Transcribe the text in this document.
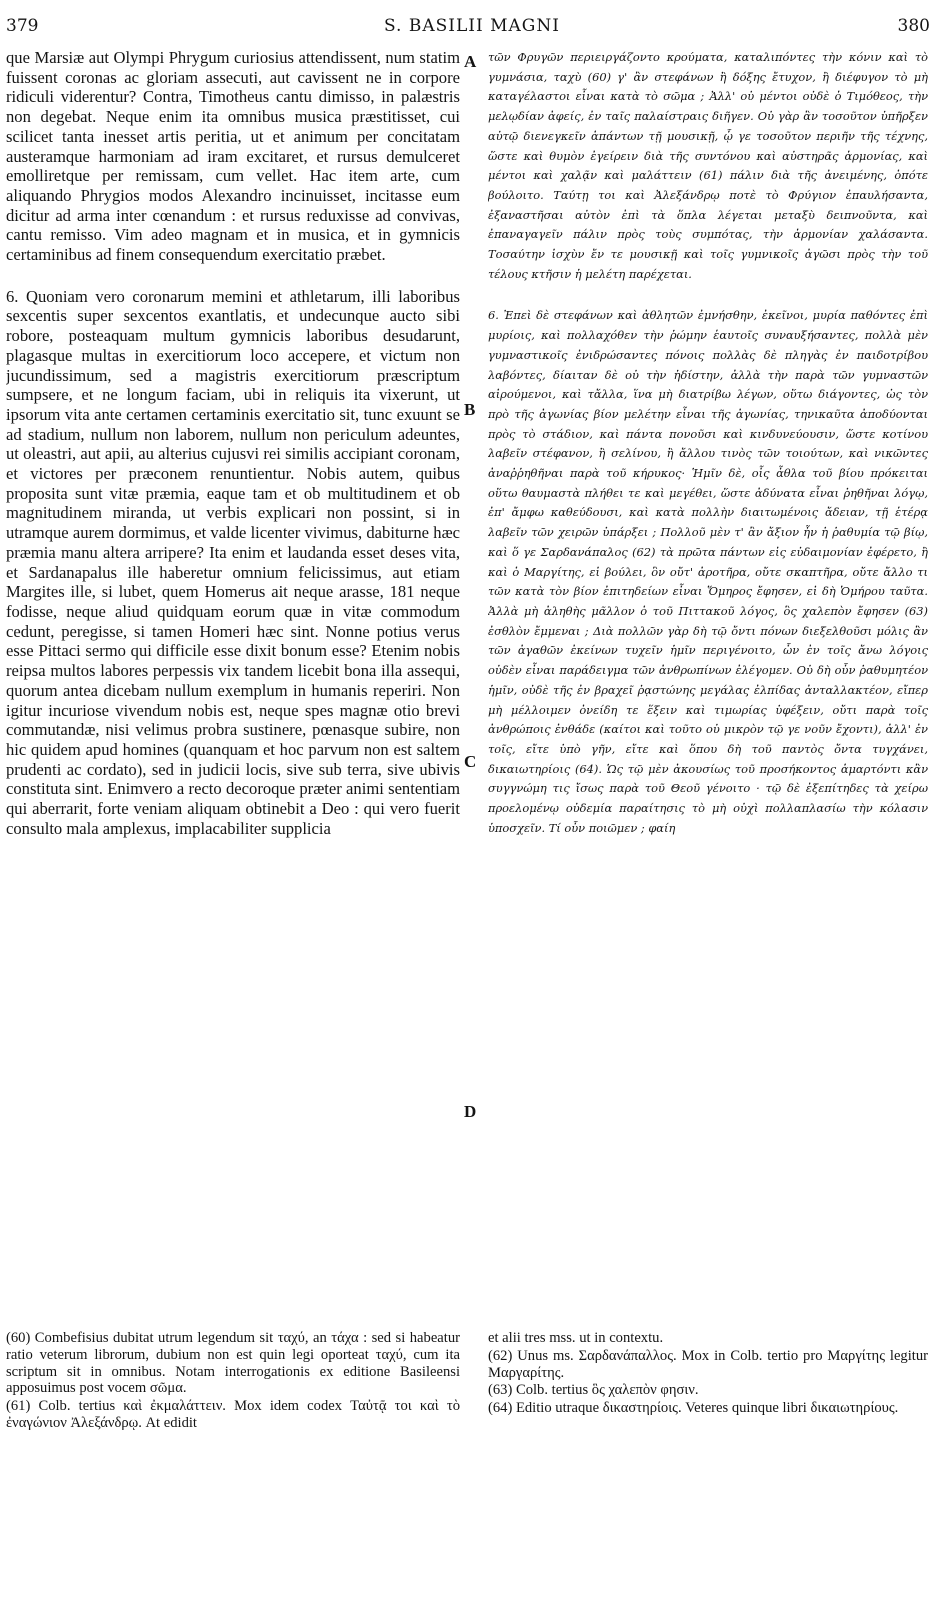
379	S. BASILII MAGNI	380

que Marsiæ aut Olympi Phrygum curiosius attendissent, num statim fuissent coronas ac gloriam assecuti, aut cavissent ne in corpore ridiculi viderentur? Contra, Timotheus cantu dimisso, in palæstris non degebat. Neque enim ita omnibus musica præstitisset, cui scilicet tanta inesset artis peritia, ut et animum per concitatam austeramque harmoniam ad iram excitaret, et rursus demulceret emolliretque per remissam, cum vellet. Hac item arte, cum aliquando Phrygios modos Alexandro incinuisset, incitasse eum dicitur ad arma inter cœnandum : et rursus reduxisse ad convivas, cantu remisso. Vim adeo magnam et in musica, et in gymnicis certaminibus ad finem consequendum exercitatio præbet.

6. Quoniam vero coronarum memini et athletarum, illi laboribus sexcentis super sexcentos exantlatis, et undecunque aucto sibi robore, posteaquam multum gymnicis laboribus desudarunt, plagasque multas in exercitiorum loco accepere, et victum non jucundissimum, sed a magistris exercitiorum præscriptum sumpsere, et ne longum faciam, ubi in reliquis ita vixerunt, ut ipsorum vita ante certamen certaminis exercitatio sit, tunc exuunt se ad stadium, nullum non laborem, nullum non periculum adeuntes, ut oleastri, aut apii, au alterius cujusvi rei similis accipiant coronam, et victores per præconem renuntientur. Nobis autem, quibus proposita sunt vitæ præmia, eaque tam et ob multitudinem et ob magnitudinem miranda, ut verbis explicari non possint, si in utramque aurem dormimus, et valde licenter vivimus, dabiturne hæc præmia manu altera arripere? Ita enim et laudanda esset deses vita, et Sardanapalus ille haberetur omnium felicissimus, aut etiam Margites ille, si lubet, quem Homerus ait neque arasse, 181 neque fodisse, neque aliud quidquam eorum quæ in vitæ commodum cedunt, peregisse, si tamen Homeri hæc sint. Nonne potius verus esse Pittaci sermo qui difficile esse dixit bonum esse? Etenim nobis reipsa multos labores perpessis vix tandem licebit bona illa assequi, quorum antea dicebam nullum exemplum in humanis reperiri. Non igitur incuriose vivendum nobis est, neque spes magnæ otio brevi commutandæ, nisi velimus probra sustinere, pœnasque subire, non hic quidem apud homines (quanquam et hoc parvum non est saltem prudenti ac cordato), sed in judicii locis, sive sub terra, sive ubivis constituta sint. Enimvero a recto decoroque præter animi sententiam qui aberrarit, forte veniam aliquam obtinebit a Deo : qui vero fuerit consulto mala amplexus, implacabiliter supplicia

τῶν Φρυγῶν περιειργάζοντο κρούματα, καταλιπόντες τὴν κόνιν καὶ τὸ γυμνάσια, ταχὺ (60) γ' ἂν στεφάνων ἢ δόξης ἔτυχον, ἢ διέφυγον τὸ μὴ καταγέλαστοι εἶναι κατὰ τὸ σῶμα ; Ἀλλ' οὐ μέντοι οὐδὲ ὁ Τιμόθεος, τὴν μελῳδίαν ἀφείς, ἐν ταῖς παλαίστραις διῆγεν. Οὐ γὰρ ἂν τοσοῦτον ὑπῆρξεν αὐτῷ διενεγκεῖν ἁπάντων τῇ μουσικῇ, ᾧ γε τοσοῦτον περιῆν τῆς τέχνης, ὥστε καὶ θυμὸν ἐγείρειν διὰ τῆς συντόνου καὶ αὐστηρᾶς ἁρμονίας, καὶ μέντοι καὶ χαλᾷν καὶ μαλάττειν (61) πάλιν διὰ τῆς ἀνειμένης, ὁπότε βούλοιτο. Ταύτῃ τοι καὶ Ἀλεξάνδρῳ ποτὲ τὸ Φρύγιον ἐπαυλήσαντα, ἐξαναστῆσαι αὐτὸν ἐπὶ τὰ ὅπλα λέγεται μεταξὺ δειπνοῦντα, καὶ ἐπαναγαγεῖν πάλιν πρὸς τοὺς συμπότας, τὴν ἁρμονίαν χαλάσαντα. Τοσαύτην ἰσχὺν ἔν τε μουσικῇ καὶ τοῖς γυμνικοῖς ἀγῶσι πρὸς τὴν τοῦ τέλους κτῆσιν ἡ μελέτη παρέχεται.

6. Ἐπεὶ δὲ στεφάνων καὶ ἀθλητῶν ἐμνήσθην, ἐκεῖνοι, μυρία παθόντες ἐπὶ μυρίοις, καὶ πολλαχόθεν τὴν ῥώμην ἑαυτοῖς συναυξήσαντες, πολλὰ μὲν γυμναστικοῖς ἐνιδρώσαντες πόνοις πολλὰς δὲ πληγὰς ἐν παιδοτρίβου λαβόντες, δίαιταν δὲ οὐ τὴν ἡδίστην, ἀλλὰ τὴν παρὰ τῶν γυμναστῶν αἱρούμενοι, καὶ τἄλλα, ἵνα μὴ διατρίβω λέγων, οὕτω διάγοντες, ὡς τὸν πρὸ τῆς ἀγωνίας βίον μελέτην εἶναι τῆς ἀγωνίας, τηνικαῦτα ἀποδύονται πρὸς τὸ στάδιον, καὶ πάντα πονοῦσι καὶ κινδυνεύουσιν, ὥστε κοτίνου λαβεῖν στέφανον, ἢ σελίνου, ἢ ἄλλου τινὸς τῶν τοιούτων, καὶ νικῶντες ἀναῤῥηθῆναι παρὰ τοῦ κήρυκος· Ἡμῖν δὲ, οἷς ἆθλα τοῦ βίου πρόκειται οὕτω θαυμαστὰ πλήθει τε καὶ μεγέθει, ὥστε ἀδύνατα εἶναι ῥηθῆναι λόγῳ, ἐπ' ἄμφω καθεύδουσι, καὶ κατὰ πολλὴν διαιτωμένοις ἄδειαν, τῇ ἑτέρᾳ λαβεῖν τῶν χειρῶν ὑπάρξει ; Πολλοῦ μὲν τ' ἂν ἄξιον ἦν ἡ ῥαθυμία τῷ βίῳ, καὶ ὅ γε Σαρδανάπαλος (62) τὰ πρῶτα πάντων εἰς εὐδαιμονίαν ἐφέρετο, ἢ καὶ ὁ Μαργίτης, εἰ βούλει, ὃν οὔτ' ἀροτῆρα, οὔτε σκαπτῆρα, οὔτε ἄλλο τι τῶν κατὰ τὸν βίον ἐπιτηδείων εἶναι Ὅμηρος ἔφησεν, εἰ δὴ Ὁμήρου ταῦτα. Ἀλλὰ μὴ ἀληθὴς μᾶλλον ὁ τοῦ Πιττακοῦ λόγος, ὃς χαλεπὸν ἔφησεν (63) ἐσθλὸν ἔμμεναι ; Διὰ πολλῶν γὰρ δὴ τῷ ὄντι πόνων διεξελθοῦσι μόλις ἂν τῶν ἀγαθῶν ἐκείνων τυχεῖν ἡμῖν περιγένοιτο, ὧν ἐν τοῖς ἄνω λόγοις οὐδὲν εἶναι παράδειγμα τῶν ἀνθρωπίνων ἐλέγομεν. Οὐ δὴ οὖν ῥαθυμητέον ἡμῖν, οὐδὲ τῆς ἐν βραχεῖ ῥᾳστώνης μεγάλας ἐλπίδας ἀνταλλακτέον, εἴπερ μὴ μέλλοιμεν ὀνείδη τε ἕξειν καὶ τιμωρίας ὑφέξειν, οὔτι παρὰ τοῖς ἀνθρώποις ἐνθάδε (καίτοι καὶ τοῦτο οὐ μικρὸν τῷ γε νοῦν ἔχοντι), ἀλλ' ἐν τοῖς, εἴτε ὑπὸ γῆν, εἴτε καὶ ὅπου δὴ τοῦ παντὸς ὄντα τυγχάνει, δικαιωτηρίοις (64). Ὡς τῷ μὲν ἀκουσίως τοῦ προσήκοντος ἁμαρτόντι κἂν συγγνώμη τις ἴσως παρὰ τοῦ Θεοῦ γένοιτο · τῷ δὲ ἐξεπίτηδες τὰ χείρω προελομένῳ οὐδεμία παραίτησις τὸ μὴ οὐχὶ πολλαπλασίω τὴν κόλασιν ὑποσχεῖν. Τί οὖν ποιῶμεν ; φαίη

A
B
C
D

(60) Combefisius dubitat utrum legendum sit ταχύ, an τάχα : sed si habeatur ratio veterum librorum, dubium non est quin legi oporteat ταχύ, cum ita scriptum sit in omnibus. Notam interrogationis ex editione Basileensi apposuimus post vocem σῶμα.

(61) Colb. tertius καὶ ἐκμαλάττειν. Mox idem codex Ταὐτᾷ τοι καὶ τὸ ἐναγώνιον Ἀλεξάνδρῳ. At edidit

et alii tres mss. ut in contextu.

(62) Unus ms. Σαρδανάπαλλος. Mox in Colb. tertio pro Μαργίτης legitur Μαργαρίτης.

(63) Colb. tertius ὃς χαλεπὸν φησιν.

(64) Editio utraque δικαστηρίοις. Veteres quinque libri δικαιωτηρίους.
